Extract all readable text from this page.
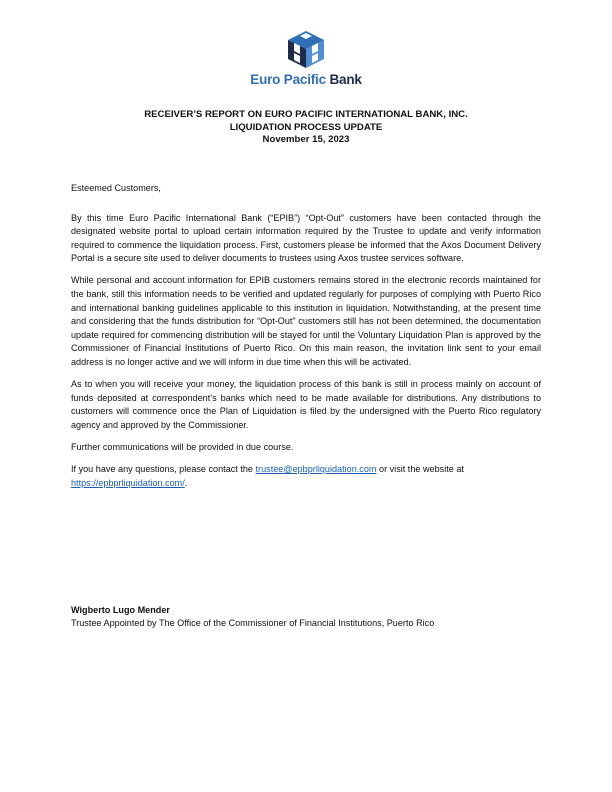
Euro Pacific Bank
RECEIVER’S REPORT ON EURO PACIFIC INTERNATIONAL BANK, INC.
LIQUIDATION PROCESS UPDATE
November 15, 2023

Esteemed Customers,

By this time Euro Pacific International Bank (“EPIB”) “Opt-Out” customers have been contacted through the designated website portal to upload certain information required by the Trustee to update and verify information required to commence the liquidation process. First, customers please be informed that the Axos Document Delivery Portal is a secure site used to deliver documents to trustees using Axos trustee services software.

While personal and account information for EPIB customers remains stored in the electronic records maintained for the bank, still this information needs to be verified and updated regularly for purposes of complying with Puerto Rico and international banking guidelines applicable to this institution in liquidation. Notwithstanding, at the present time and considering that the funds distribution for “Opt-Out” customers still has not been determined, the documentation update required for commencing distribution will be stayed for until the Voluntary Liquidation Plan is approved by the Commissioner of Financial Institutions of Puerto Rico. On this main reason, the invitation link sent to your email address is no longer active and we will inform in due time when this will be activated.

As to when you will receive your money, the liquidation process of this bank is still in process mainly on account of funds deposited at correspondent’s banks which need to be made available for distributions. Any distributions to customers will commence once the Plan of Liquidation is filed by the undersigned with the Puerto Rico regulatory agency and approved by the Commissioner.

Further communications will be provided in due course.

If you have any questions, please contact the trustee@epbprliquidation.com or visit the website at
https://epbprliquidation.com/.

Wigberto Lugo Mender
Trustee Appointed by The Office of the Commissioner of Financial Institutions, Puerto Rico
